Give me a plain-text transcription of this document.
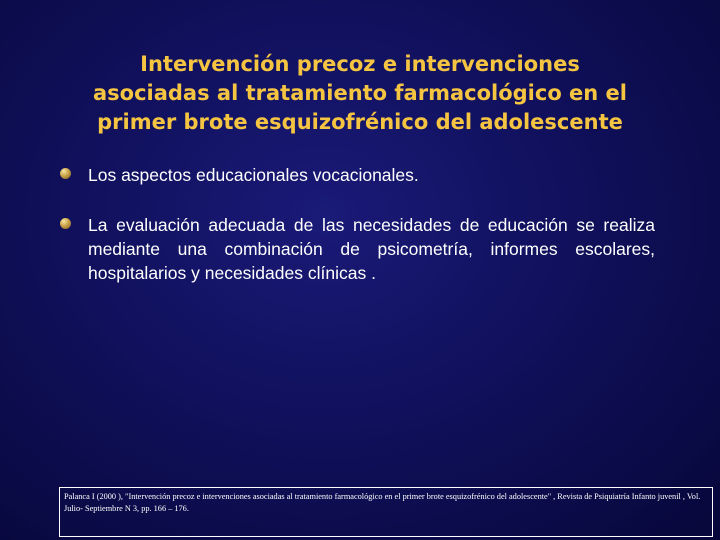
Intervención precoz e intervenciones
asociadas al tratamiento farmacológico en el
primer brote esquizofrénico del adolescente
Los aspectos educacionales vocacionales.
La evaluación adecuada de las necesidades de educación se realiza mediante una combinación de psicometría, informes escolares, hospitalarios y necesidades clínicas .
Palanca I (2000 ), "Intervención precoz e intervenciones asociadas al tratamiento farmacológico en el primer brote esquizofrénico del adolescente" , Revista de Psiquiatría Infanto juvenil , Vol. Julio- Septiembre N 3, pp. 166 – 176.
